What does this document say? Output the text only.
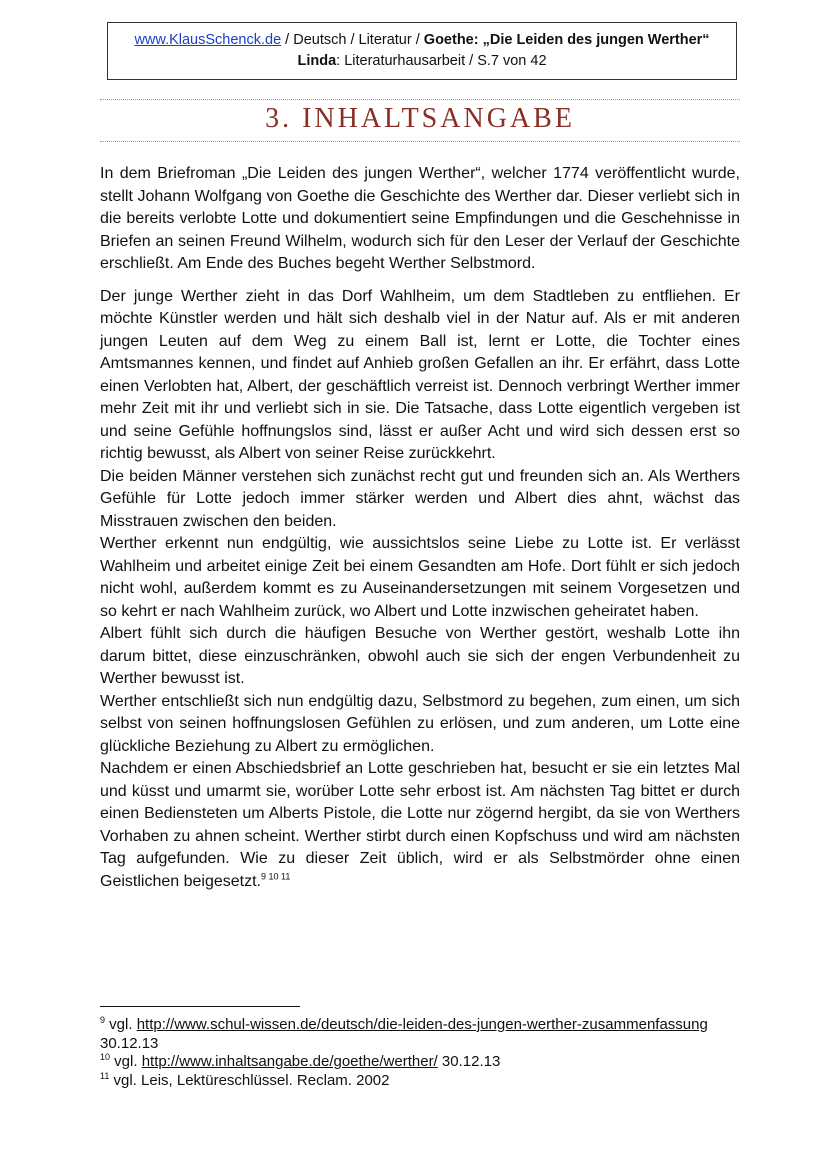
www.KlausSchenck.de / Deutsch / Literatur / Goethe: „Die Leiden des jungen Werther“
Linda: Literaturhausarbeit / S.7 von 42
3. INHALTSANGABE

In dem Briefroman „Die Leiden des jungen Werther“, welcher 1774 veröffentlicht wurde, stellt Johann Wolfgang von Goethe die Geschichte des Werther dar. Dieser verliebt sich in die bereits verlobte Lotte und dokumentiert seine Empfindungen und die Geschehnisse in Briefen an seinen Freund Wilhelm, wodurch sich für den Leser der Verlauf der Geschichte erschließt. Am Ende des Buches begeht Werther Selbstmord.

Der junge Werther zieht in das Dorf Wahlheim, um dem Stadtleben zu entfliehen. Er möchte Künstler werden und hält sich deshalb viel in der Natur auf. Als er mit anderen jungen Leuten auf dem Weg zu einem Ball ist, lernt er Lotte, die Tochter eines Amtsmannes kennen, und findet auf Anhieb großen Gefallen an ihr. Er erfährt, dass Lotte einen Verlobten hat, Albert, der geschäftlich verreist ist. Dennoch verbringt Werther immer mehr Zeit mit ihr und verliebt sich in sie. Die Tatsache, dass Lotte eigentlich vergeben ist und seine Gefühle hoffnungslos sind, lässt er außer Acht und wird sich dessen erst so richtig bewusst, als Albert von seiner Reise zurückkehrt.

Die beiden Männer verstehen sich zunächst recht gut und freunden sich an. Als Werthers Gefühle für Lotte jedoch immer stärker werden und Albert dies ahnt, wächst das Misstrauen zwischen den beiden.

Werther erkennt nun endgültig, wie aussichtslos seine Liebe zu Lotte ist. Er verlässt Wahlheim und arbeitet einige Zeit bei einem Gesandten am Hofe. Dort fühlt er sich jedoch nicht wohl, außerdem kommt es zu Auseinandersetzungen mit seinem Vorgesetzen und so kehrt er nach Wahlheim zurück, wo Albert und Lotte inzwischen geheiratet haben.

Albert fühlt sich durch die häufigen Besuche von Werther gestört, weshalb Lotte ihn darum bittet, diese einzuschränken, obwohl auch sie sich der engen Verbundenheit zu Werther bewusst ist.

Werther entschließt sich nun endgültig dazu, Selbstmord zu begehen, zum einen, um sich selbst von seinen hoffnungslosen Gefühlen zu erlösen, und zum anderen, um Lotte eine glückliche Beziehung zu Albert zu ermöglichen.

Nachdem er einen Abschiedsbrief an Lotte geschrieben hat, besucht er sie ein letztes Mal und küsst und umarmt sie, worüber Lotte sehr erbost ist. Am nächsten Tag bittet er durch einen Bediensteten um Alberts Pistole, die Lotte nur zögernd hergibt, da sie von Werthers Vorhaben zu ahnen scheint. Werther stirbt durch einen Kopfschuss und wird am nächsten Tag aufgefunden. Wie zu dieser Zeit üblich, wird er als Selbstmörder ohne einen Geistlichen beigesetzt.$^{9 10 11}$

$^9$ vgl. http://www.schul-wissen.de/deutsch/die-leiden-des-jungen-werther-zusammenfassung 30.12.13
$^{10}$ vgl. http://www.inhaltsangabe.de/goethe/werther/ 30.12.13
$^{11}$ vgl. Leis, Lektüreschlüssel. Reclam. 2002
